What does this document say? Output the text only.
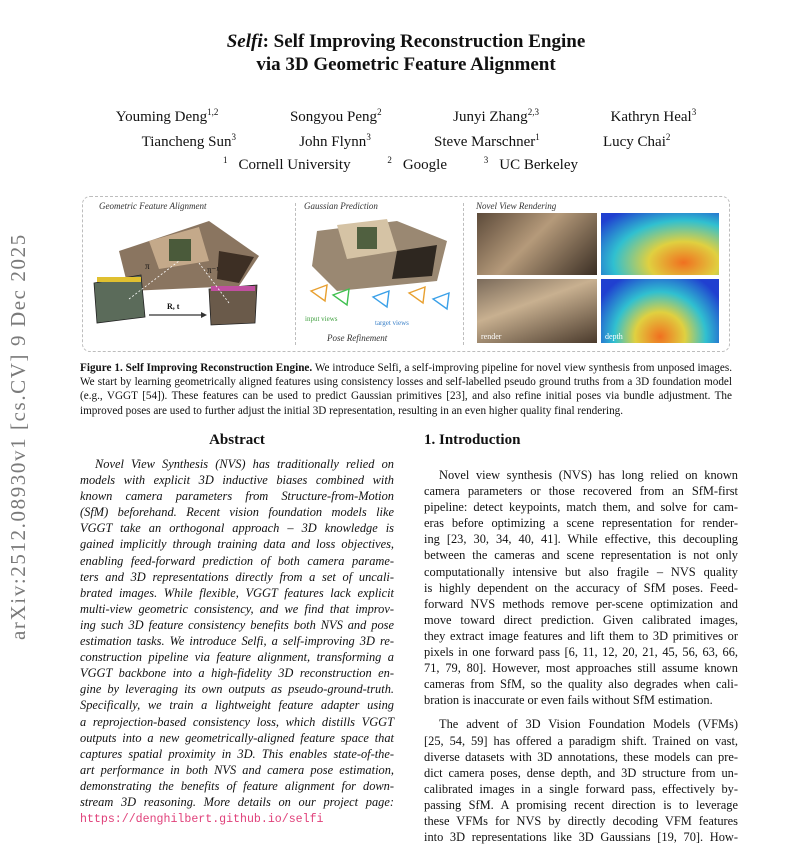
arXiv:2512.08930v1 [cs.CV] 9 Dec 2025
Selfi: Self Improving Reconstruction Engine
via 3D Geometric Feature Alignment
Youming Deng$^{1,2}$	Songyou Peng$^2$	Junyi Zhang$^{2,3}$	Kathryn Heal$^3$
Tiancheng Sun$^3$	John Flynn$^3$	Steve Marschner$^1$	Lucy Chai$^2$
$^1$ Cornell University	$^2$ Google	$^3$ UC Berkeley
Geometric Feature Alignment	Gaussian Prediction	Novel View Rendering
π	π⁻¹
R, t
input views	target views
Pose Refinement	render	depth
Figure 1. Self Improving Reconstruction Engine. We introduce Selfi, a self-improving pipeline for novel view synthesis from unposed images. We start by learning geometrically aligned features using consistency losses and self-labelled pseudo ground truths from a 3D foundation model (e.g., VGGT [54]). These features can be used to predict Gaussian primitives [23], and also refine initial poses via bundle adjustment. The improved poses are used to further adjust the initial 3D representation, resulting in an even higher quality final rendering.
Abstract
Novel View Synthesis (NVS) has traditionally relied on
models with explicit 3D inductive biases combined with
known camera parameters from Structure-from-Motion
(SfM) beforehand. Recent vision foundation models like
VGGT take an orthogonal approach – 3D knowledge is
gained implicitly through training data and loss objectives,
enabling feed-forward prediction of both camera parame-
ters and 3D representations directly from a set of uncali-
brated images. While flexible, VGGT features lack explicit
multi-view geometric consistency, and we find that improv-
ing such 3D feature consistency benefits both NVS and pose
estimation tasks. We introduce Selfi, a self-improving 3D re-
construction pipeline via feature alignment, transforming a
VGGT backbone into a high-fidelity 3D reconstruction en-
gine by leveraging its own outputs as pseudo-ground-truth.
Specifically, we train a lightweight feature adapter using
a reprojection-based consistency loss, which distills VGGT
outputs into a new geometrically-aligned feature space that
captures spatial proximity in 3D. This enables state-of-the-
art performance in both NVS and camera pose estimation,
demonstrating the benefits of feature alignment for down-
stream 3D reasoning. More details on our project page:
https://denghilbert.github.io/selfi
1. Introduction
Novel view synthesis (NVS) has long relied on known
camera parameters or those recovered from an SfM-first
pipeline: detect keypoints, match them, and solve for cam-
eras before optimizing a scene representation for render-
ing [23, 30, 34, 40, 41]. While effective, this decoupling
between the cameras and scene representation is not only
computationally intensive but also fragile – NVS quality
is highly dependent on the accuracy of SfM poses. Feed-
forward NVS methods remove per-scene optimization and
move toward direct prediction. Given calibrated images,
they extract image features and lift them to 3D primitives or
pixels in one forward pass [6, 11, 12, 20, 21, 45, 56, 63, 66,
71, 79, 80]. However, most approaches still assume known
cameras from SfM, so the quality also degrades when cali-
bration is inaccurate or even fails without SfM estimation.
The advent of 3D Vision Foundation Models (VFMs)
[25, 54, 59] has offered a paradigm shift. Trained on vast,
diverse datasets with 3D annotations, these models can pre-
dict camera poses, dense depth, and 3D structure from un-
calibrated images in a single forward pass, effectively by-
passing SfM. A promising recent direction is to leverage
these VFMs for NVS by directly decoding VFM features
into 3D representations like 3D Gaussians [19, 70]. How-
